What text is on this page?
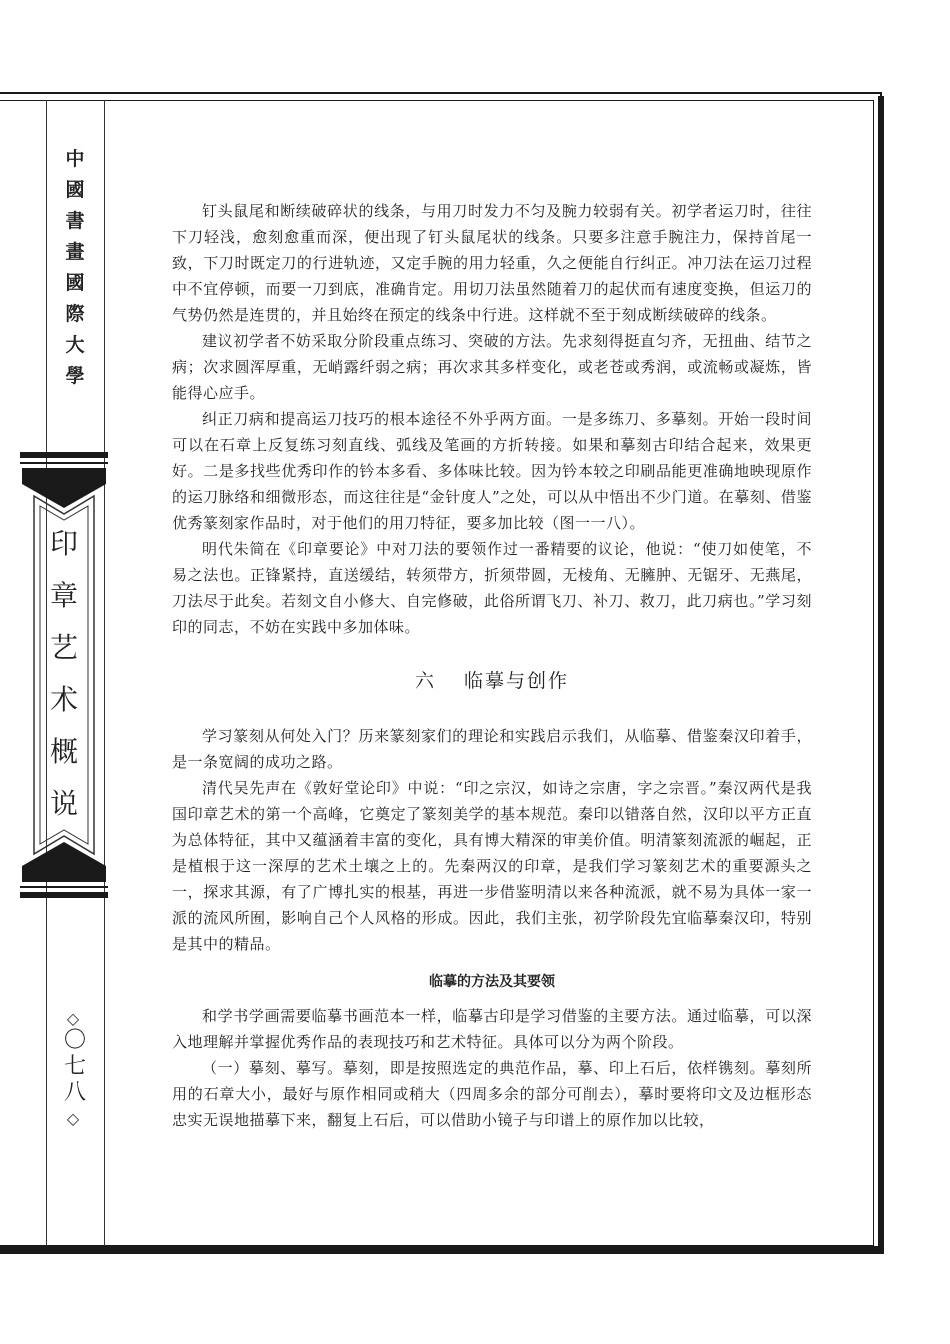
中
國
書
畫
國
際
大
學
印
章
艺
术
概
说
◇
〇
七
八
◇

钉头鼠尾和断续破碎状的线条，与用刀时发力不匀及腕力较弱有关。初学者运刀时，往往下刀轻浅，愈刻愈重而深，便出现了钉头鼠尾状的线条。只要多注意手腕注力，保持首尾一致，下刀时既定刀的行进轨迹，又定手腕的用力轻重，久之便能自行纠正。冲刀法在运刀过程中不宜停顿，而要一刀到底，准确肯定。用切刀法虽然随着刀的起伏而有速度变换，但运刀的气势仍然是连贯的，并且始终在预定的线条中行进。这样就不至于刻成断续破碎的线条。

建议初学者不妨采取分阶段重点练习、突破的方法。先求刻得挺直匀齐，无扭曲、结节之病；次求圆浑厚重，无峭露纤弱之病；再次求其多样变化，或老苍或秀润，或流畅或凝炼，皆能得心应手。

纠正刀病和提高运刀技巧的根本途径不外乎两方面。一是多练刀、多摹刻。开始一段时间可以在石章上反复练习刻直线、弧线及笔画的方折转接。如果和摹刻古印结合起来，效果更好。二是多找些优秀印作的钤本多看、多体味比较。因为钤本较之印刷品能更准确地映现原作的运刀脉络和细微形态，而这往往是“金针度人”之处，可以从中悟出不少门道。在摹刻、借鉴优秀篆刻家作品时，对于他们的用刀特征，要多加比较（图一一八）。

明代朱简在《印章要论》中对刀法的要领作过一番精要的议论，他说：“使刀如使笔，不易之法也。正锋紧持，直送缓结，转须带方，折须带圆，无棱角、无臃肿、无锯牙、无燕尾，刀法尽于此矣。若刻文自小修大、自完修破，此俗所谓飞刀、补刀、救刀，此刀病也。”学习刻印的同志，不妨在实践中多加体味。

六 临摹与创作

学习篆刻从何处入门？历来篆刻家们的理论和实践启示我们，从临摹、借鉴秦汉印着手，是一条宽阔的成功之路。

清代吴先声在《敦好堂论印》中说：“印之宗汉，如诗之宗唐，字之宗晋。”秦汉两代是我国印章艺术的第一个高峰，它奠定了篆刻美学的基本规范。秦印以错落自然，汉印以平方正直为总体特征，其中又蕴涵着丰富的变化，具有博大精深的审美价值。明清篆刻流派的崛起，正是植根于这一深厚的艺术土壤之上的。先秦两汉的印章，是我们学习篆刻艺术的重要源头之一，探求其源，有了广博扎实的根基，再进一步借鉴明清以来各种流派，就不易为具体一家一派的流风所囿，影响自己个人风格的形成。因此，我们主张，初学阶段先宜临摹秦汉印，特别是其中的精品。

临摹的方法及其要领

和学书学画需要临摹书画范本一样，临摹古印是学习借鉴的主要方法。通过临摹，可以深入地理解并掌握优秀作品的表现技巧和艺术特征。具体可以分为两个阶段。

（一）摹刻、摹写。摹刻，即是按照选定的典范作品，摹、印上石后，依样镌刻。摹刻所用的石章大小，最好与原作相同或稍大（四周多余的部分可削去），摹时要将印文及边框形态忠实无误地描摹下来，翻复上石后，可以借助小镜子与印谱上的原作加以比较，
